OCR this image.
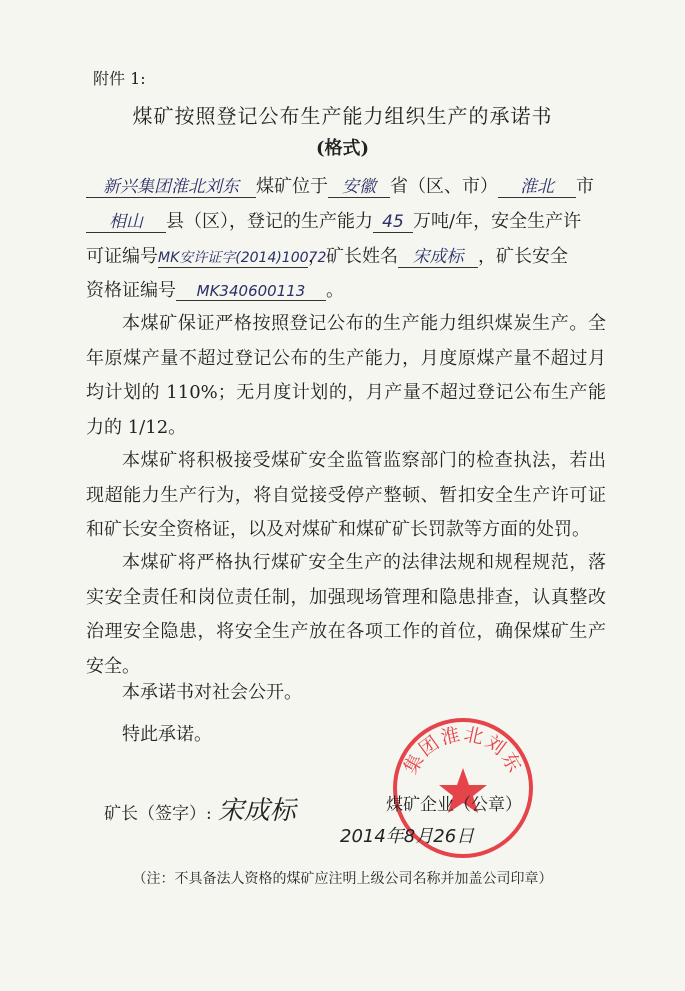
附件 1:
煤矿按照登记公布生产能力组织生产的承诺书
(格式)
新兴集团淮北刘东 煤矿位于 安徽 省（区、市） 淮北 市
相山 县（区），登记的生产能力 45 万吨/年，安全生产许
可证编号MK安许证字(2014)10072，矿长姓名 宋成标 ，矿长安全
资格证编号 MK340600113 。

本煤矿保证严格按照登记公布的生产能力组织煤炭生产。全年原煤产量不超过登记公布的生产能力，月度原煤产量不超过月均计划的 110%；无月度计划的，月产量不超过登记公布生产能力的 1/12。

本煤矿将积极接受煤矿安全监管监察部门的检查执法，若出现超能力生产行为，将自觉接受停产整顿、暂扣安全生产许可证和矿长安全资格证，以及对煤矿和煤矿矿长罚款等方面的处罚。

本煤矿将严格执行煤矿安全生产的法律法规和规程规范，落实安全责任和岗位责任制，加强现场管理和隐患排查，认真整改治理安全隐患，将安全生产放在各项工作的首位，确保煤矿生产安全。

本承诺书对社会公开。
特此承诺。
集团淮北刘东
矿长（签字）: 宋成标	煤矿企业（公章）
2014年8月26日
（注：不具备法人资格的煤矿应注明上级公司名称并加盖公司印章）
